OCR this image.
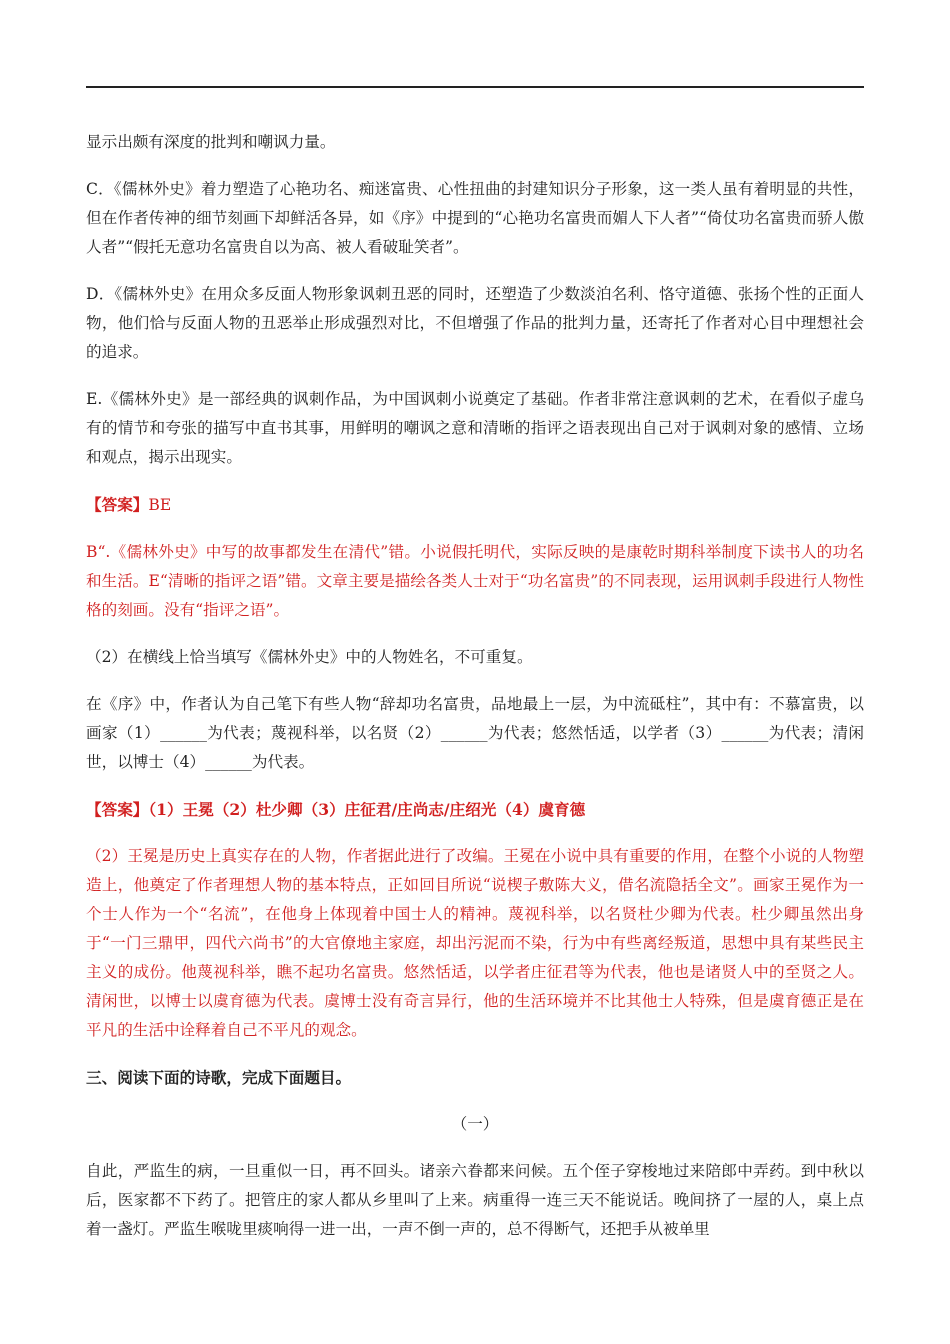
显示出颇有深度的批判和嘲讽力量。

C．《儒林外史》着力塑造了心艳功名、痴迷富贵、心性扭曲的封建知识分子形象，这一类人虽有着明显的共性，但在作者传神的细节刻画下却鲜活各异，如《序》中提到的“心艳功名富贵而媚人下人者”“倚仗功名富贵而骄人傲人者”“假托无意功名富贵自以为高、被人看破耻笑者”。

D．《儒林外史》在用众多反面人物形象讽刺丑恶的同时，还塑造了少数淡泊名利、恪守道德、张扬个性的正面人物，他们恰与反面人物的丑恶举止形成强烈对比，不但增强了作品的批判力量，还寄托了作者对心目中理想社会的追求。

E.《儒林外史》是一部经典的讽刺作品，为中国讽刺小说奠定了基础。作者非常注意讽刺的艺术，在看似子虚乌有的情节和夸张的描写中直书其事，用鲜明的嘲讽之意和清晰的指评之语表现出自己对于讽刺对象的感情、立场和观点，揭示出现实。

【答案】BE

B“.《儒林外史》中写的故事都发生在清代”错。小说假托明代，实际反映的是康乾时期科举制度下读书人的功名和生活。E“清晰的指评之语”错。文章主要是描绘各类人士对于“功名富贵”的不同表现，运用讽刺手段进行人物性格的刻画。没有“指评之语”。

（2）在横线上恰当填写《儒林外史》中的人物姓名，不可重复。

在《序》中，作者认为自己笔下有些人物“辞却功名富贵，品地最上一层，为中流砥柱”，其中有：不慕富贵，以画家（1）______为代表；蔑视科举，以名贤（2）______为代表；悠然恬适，以学者（3）______为代表；清闲世，以博士（4）______为代表。

【答案】（1）王冕（2）杜少卿（3）庄征君/庄尚志/庄绍光（4）虞育德

（2）王冕是历史上真实存在的人物，作者据此进行了改编。王冕在小说中具有重要的作用，在整个小说的人物塑造上，他奠定了作者理想人物的基本特点，正如回目所说“说楔子敷陈大义，借名流隐括全文”。画家王冕作为一个士人作为一个“名流”，在他身上体现着中国士人的精神。蔑视科举，以名贤杜少卿为代表。杜少卿虽然出身于“一门三鼎甲，四代六尚书”的大官僚地主家庭，却出污泥而不染，行为中有些离经叛道，思想中具有某些民主主义的成份。他蔑视科举，瞧不起功名富贵。悠然恬适，以学者庄征君等为代表，他也是诸贤人中的至贤之人。清闲世，以博士以虞育德为代表。虞博士没有奇言异行，他的生活环境并不比其他士人特殊，但是虞育德正是在平凡的生活中诠释着自己不平凡的观念。

三、阅读下面的诗歌，完成下面题目。

（一）

自此，严监生的病，一旦重似一日，再不回头。诸亲六眷都来问候。五个侄子穿梭地过来陪郎中弄药。到中秋以后，医家都不下药了。把管庄的家人都从乡里叫了上来。病重得一连三天不能说话。晚间挤了一屋的人，桌上点着一盏灯。严监生喉咙里痰响得一进一出，一声不倒一声的，总不得断气，还把手从被单里
